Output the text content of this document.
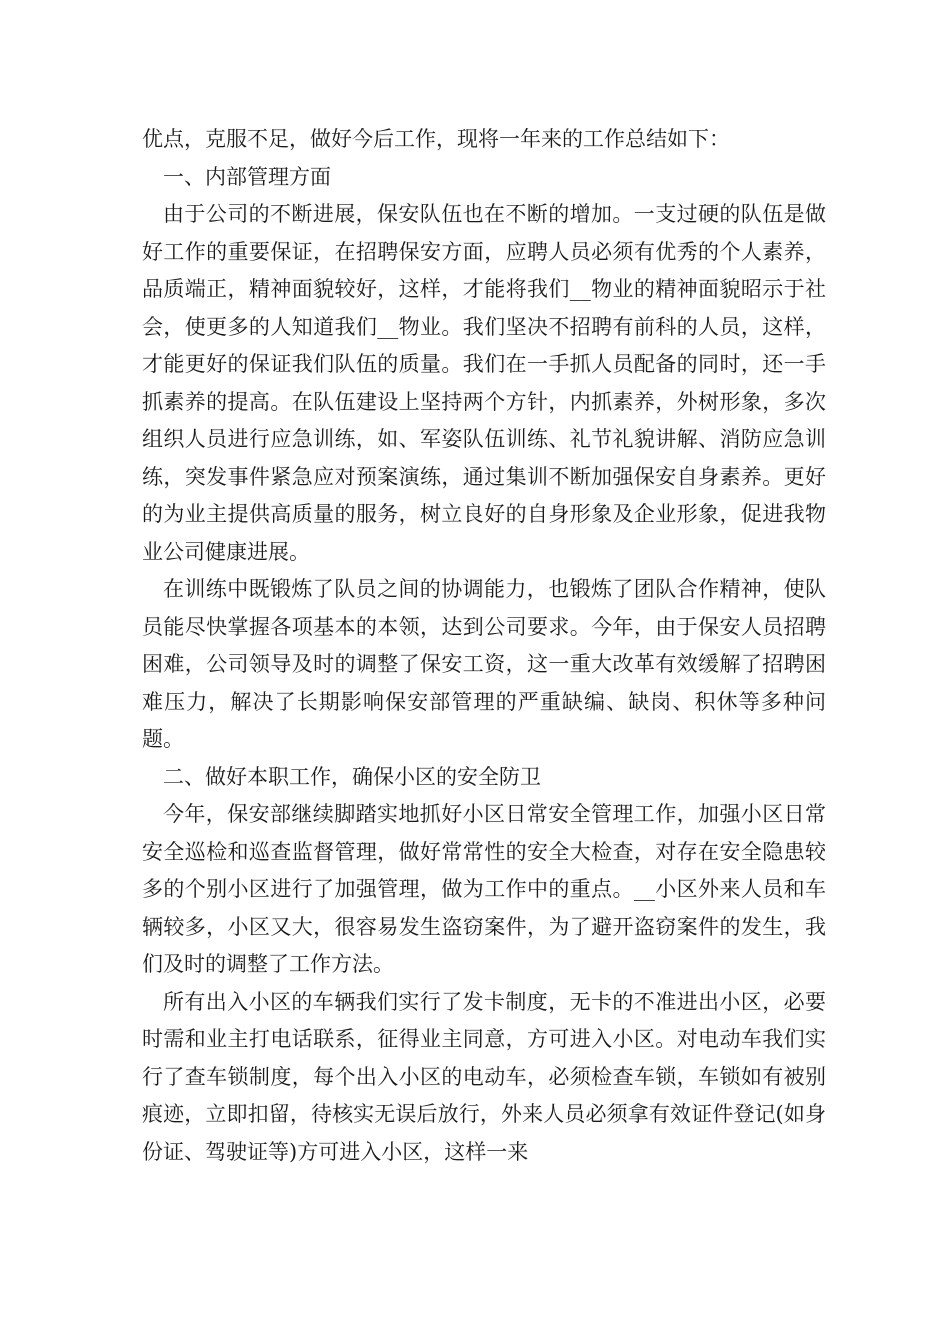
优点，克服不足，做好今后工作，现将一年来的工作总结如下：

一、内部管理方面

由于公司的不断进展，保安队伍也在不断的增加。一支过硬的队伍是做好工作的重要保证，在招聘保安方面，应聘人员必须有优秀的个人素养，品质端正，精神面貌较好，这样，才能将我们__物业的精神面貌昭示于社会，使更多的人知道我们__物业。我们坚决不招聘有前科的人员，这样，才能更好的保证我们队伍的质量。我们在一手抓人员配备的同时，还一手抓素养的提高。在队伍建设上坚持两个方针，内抓素养，外树形象，多次组织人员进行应急训练，如、军姿队伍训练、礼节礼貌讲解、消防应急训练，突发事件紧急应对预案演练，通过集训不断加强保安自身素养。更好的为业主提供高质量的服务，树立良好的自身形象及企业形象，促进我物业公司健康进展。

在训练中既锻炼了队员之间的协调能力，也锻炼了团队合作精神，使队员能尽快掌握各项基本的本领，达到公司要求。今年，由于保安人员招聘困难，公司领导及时的调整了保安工资，这一重大改革有效缓解了招聘困难压力，解决了长期影响保安部管理的严重缺编、缺岗、积休等多种问题。

二、做好本职工作，确保小区的安全防卫

今年，保安部继续脚踏实地抓好小区日常安全管理工作，加强小区日常安全巡检和巡查监督管理，做好常常性的安全大检查，对存在安全隐患较多的个别小区进行了加强管理，做为工作中的重点。__小区外来人员和车辆较多，小区又大，很容易发生盗窃案件，为了避开盗窃案件的发生，我们及时的调整了工作方法。

所有出入小区的车辆我们实行了发卡制度，无卡的不准进出小区，必要时需和业主打电话联系，征得业主同意，方可进入小区。对电动车我们实行了查车锁制度，每个出入小区的电动车，必须检查车锁，车锁如有被别痕迹，立即扣留，待核实无误后放行，外来人员必须拿有效证件登记(如身份证、驾驶证等)方可进入小区，这样一来
